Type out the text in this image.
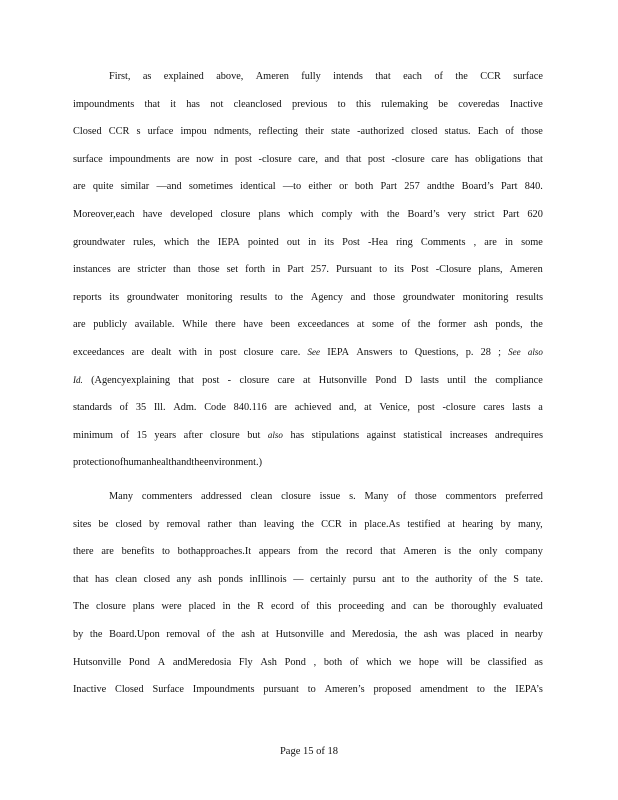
First, as explained above, Ameren fully intends that each of the CCR surface
impoundments that it has not cleanclosed previous to this rulemaking be coveredas Inactive
Closed CCR s urface impou ndments, reflecting their state -authorized closed status. Each of those
surface impoundments are now in post -closure care, and that post -closure care has obligations that
are quite similar —and sometimes identical —to either or both Part 257 andthe Board’s Part 840.
Moreover,each have developed closure plans which comply with the Board’s very strict Part 620
groundwater rules, which the IEPA pointed out in its Post -Hea ring Comments , are in some
instances are stricter than those set forth in Part 257. Pursuant to its Post -Closure plans, Ameren
reports its groundwater monitoring results to the Agency and those groundwater monitoring results
are publicly available. While there have been exceedances at some of the former ash ponds, the
exceedances are dealt with in post closure care. See IEPA Answers to Questions, p. 28 ; See also
Id. (Agencyexplaining that post - closure care at Hutsonville Pond D lasts until the compliance
standards of 35 Ill. Adm. Code 840.116 are achieved and, at Venice, post -closure cares lasts a
minimum of 15 years after closure but also has stipulations against statistical increases andrequires
protection of human health and the environment.)
Many commenters addressed clean closure issue s. Many of those commentors preferred
sites be closed by removal rather than leaving the CCR in place.As testified at hearing by many,
there are benefits to bothapproaches.It appears from the record that Ameren is the only company
that has clean closed any ash ponds inIllinois — certainly pursu ant to the authority of the S tate.
The closure plans were placed in the R ecord of this proceeding and can be thoroughly evaluated
by the Board.Upon removal of the ash at Hutsonville and Meredosia, the ash was placed in nearby
Hutsonville Pond A andMeredosia Fly Ash Pond , both of which we hope will be classified as
Inactive Closed Surface Impoundments pursuant to Ameren’s proposed amendment to the IEPA’s
Page 15 of 18
